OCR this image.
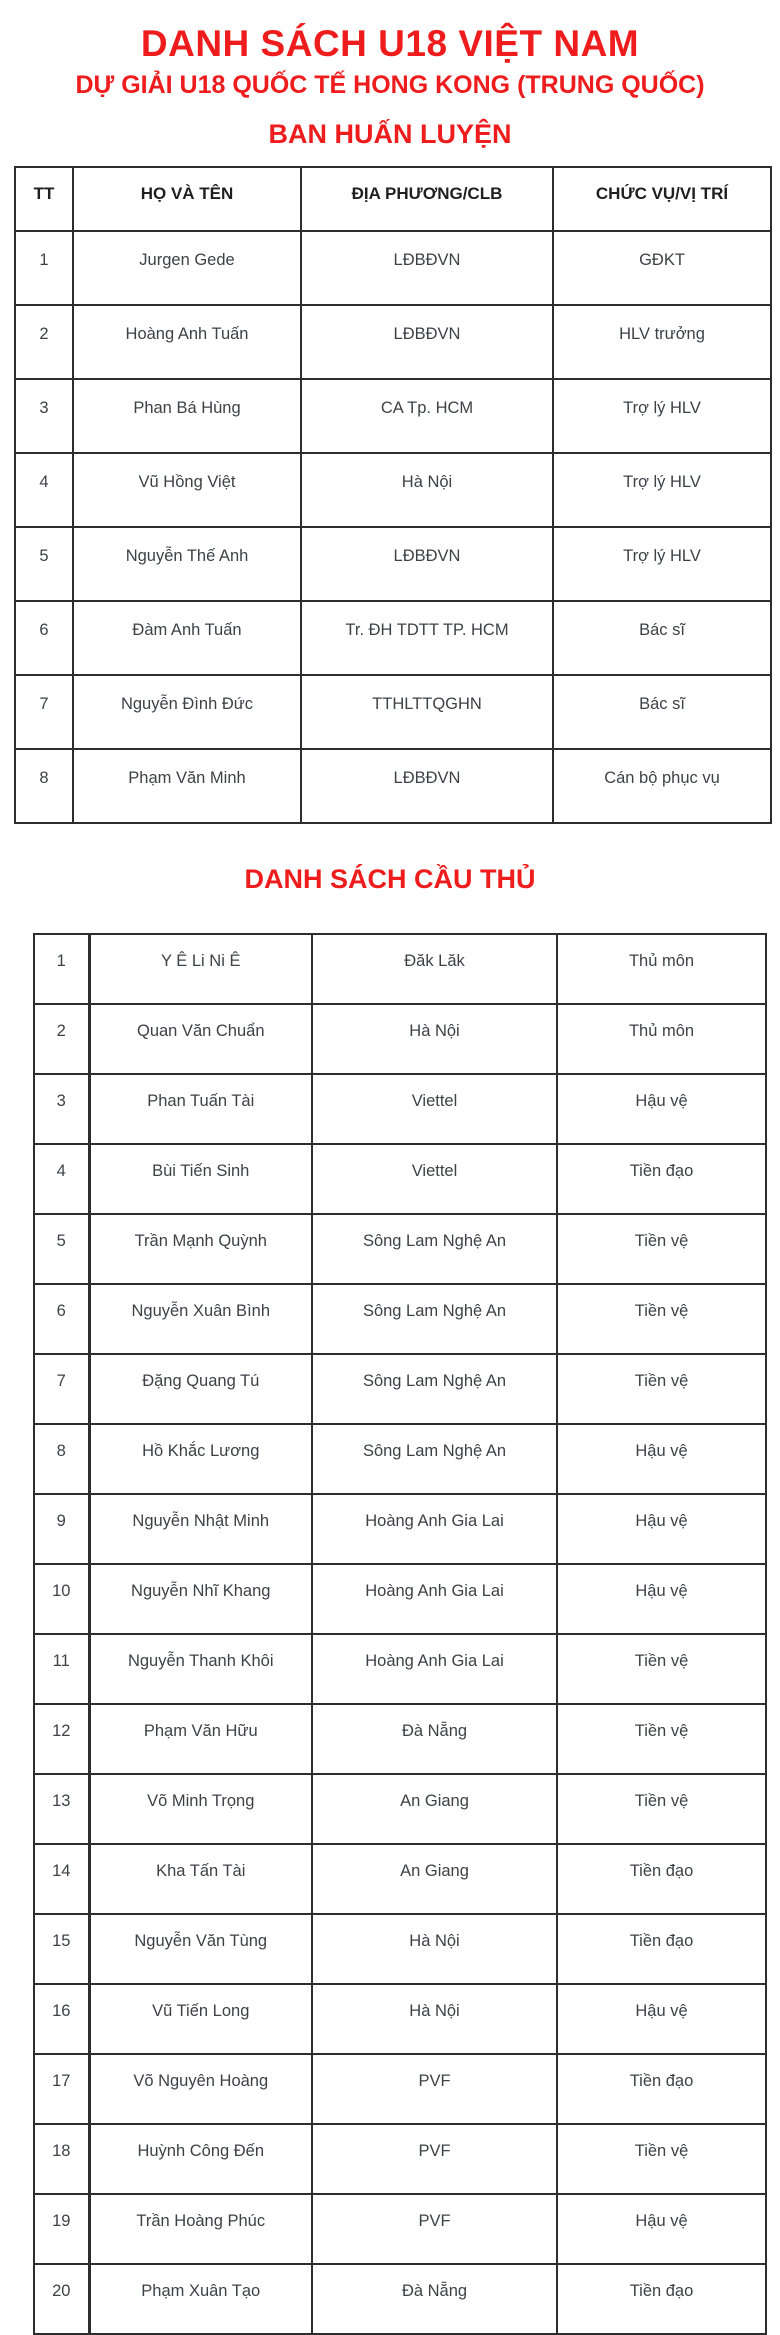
DANH SÁCH U18 VIỆT NAM
DỰ GIẢI U18 QUỐC TẾ HONG KONG (TRUNG QUỐC)
BAN HUẤN LUYỆN
TT	HỌ VÀ TÊN	ĐỊA PHƯƠNG/CLB	CHỨC VỤ/VỊ TRÍ
1	Jurgen Gede	LĐBĐVN	GĐKT
2	Hoàng Anh Tuấn	LĐBĐVN	HLV trưởng
3	Phan Bá Hùng	CA Tp. HCM	Trợ lý HLV
4	Vũ Hồng Việt	Hà Nội	Trợ lý HLV
5	Nguyễn Thế Anh	LĐBĐVN	Trợ lý HLV
6	Đàm Anh Tuấn	Tr. ĐH TDTT TP. HCM	Bác sĩ
7	Nguyễn Đình Đức	TTHLTTQGHN	Bác sĩ
8	Phạm Văn Minh	LĐBĐVN	Cán bộ phục vụ
DANH SÁCH CẦU THỦ
1	Y Ê Li Ni Ê	Đăk Lăk	Thủ môn
2	Quan Văn Chuẩn	Hà Nội	Thủ môn
3	Phan Tuấn Tài	Viettel	Hậu vệ
4	Bùi Tiến Sinh	Viettel	Tiền đạo
5	Trần Mạnh Quỳnh	Sông Lam Nghệ An	Tiền vệ
6	Nguyễn Xuân Bình	Sông Lam Nghệ An	Tiền vệ
7	Đặng Quang Tú	Sông Lam Nghệ An	Tiền vệ
8	Hồ Khắc Lương	Sông Lam Nghệ An	Hậu vệ
9	Nguyễn Nhật Minh	Hoàng Anh Gia Lai	Hậu vệ
10	Nguyễn Nhĩ Khang	Hoàng Anh Gia Lai	Hậu vệ
11	Nguyễn Thanh Khôi	Hoàng Anh Gia Lai	Tiền vệ
12	Phạm Văn Hữu	Đà Nẵng	Tiền vệ
13	Võ Minh Trọng	An Giang	Tiền vệ
14	Kha Tấn Tài	An Giang	Tiền đạo
15	Nguyễn Văn Tùng	Hà Nội	Tiền đạo
16	Vũ Tiến Long	Hà Nội	Hậu vệ
17	Võ Nguyên Hoàng	PVF	Tiền đạo
18	Huỳnh Công Đến	PVF	Tiền vệ
19	Trần Hoàng Phúc	PVF	Hậu vệ
20	Phạm Xuân Tạo	Đà Nẵng	Tiền đạo
